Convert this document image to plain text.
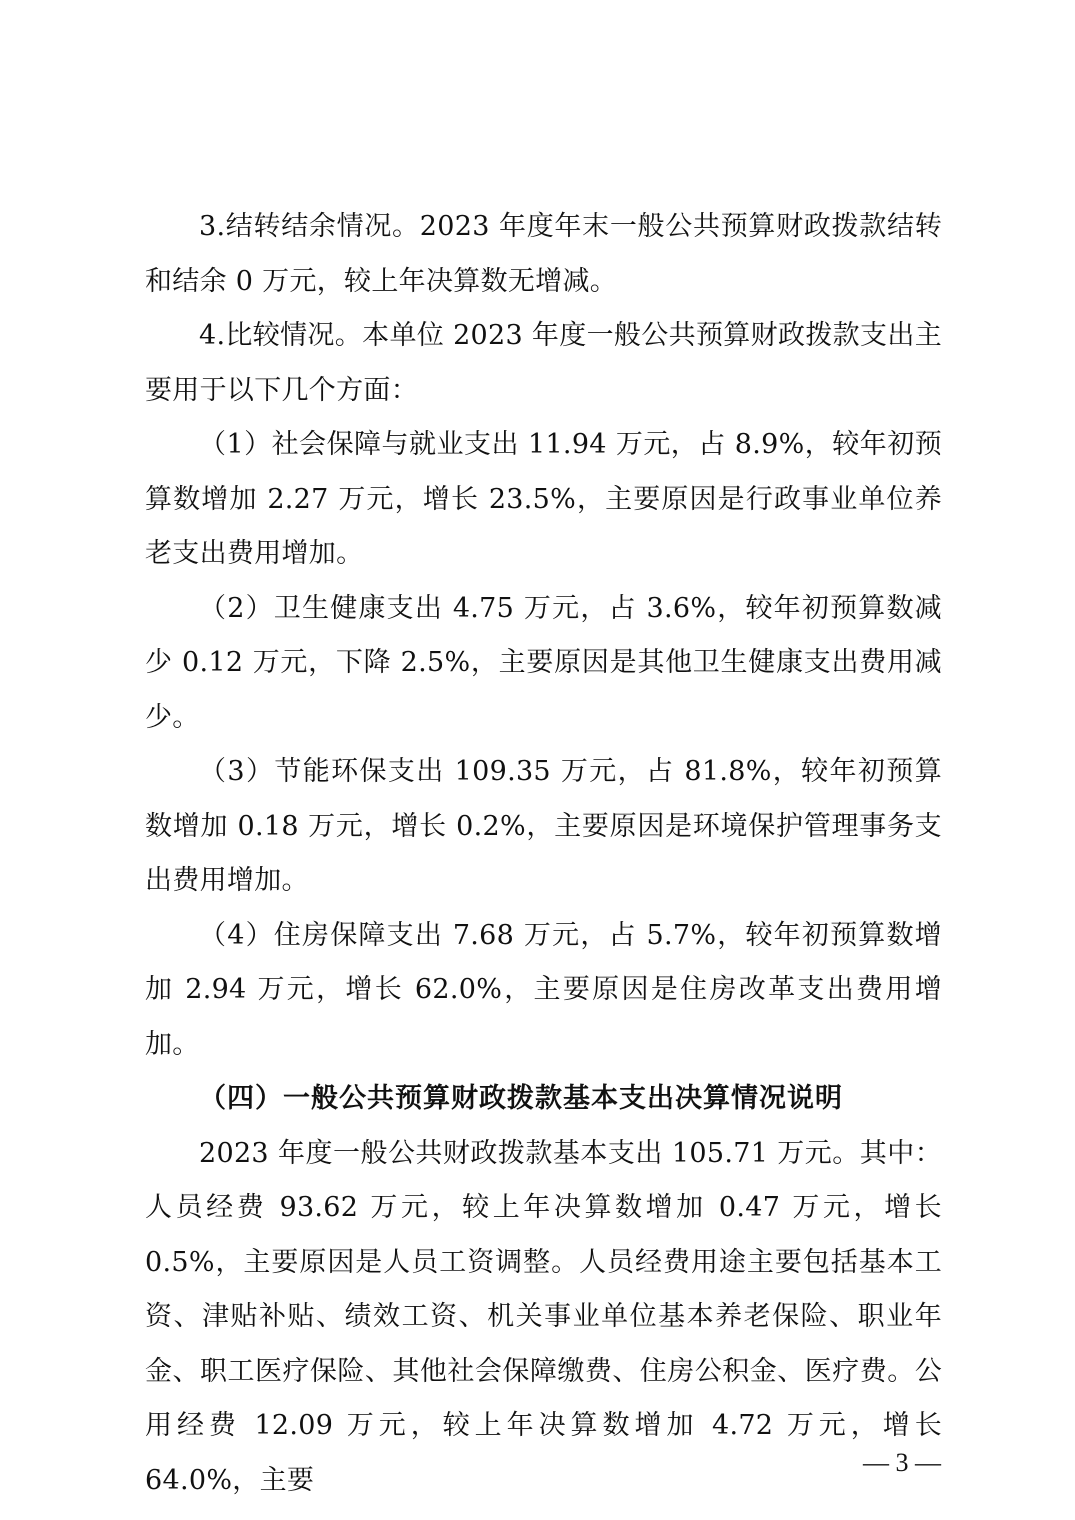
3.结转结余情况。2023 年度年末一般公共预算财政拨款结转和结余 0 万元，较上年决算数无增减。

4.比较情况。本单位 2023 年度一般公共预算财政拨款支出主要用于以下几个方面：

（1）社会保障与就业支出 11.94 万元，占 8.9%，较年初预算数增加 2.27 万元，增长 23.5%，主要原因是行政事业单位养老支出费用增加。

（2）卫生健康支出 4.75 万元，占 3.6%，较年初预算数减少 0.12 万元，下降 2.5%，主要原因是其他卫生健康支出费用减少。

（3）节能环保支出 109.35 万元，占 81.8%，较年初预算数增加 0.18 万元，增长 0.2%，主要原因是环境保护管理事务支出费用增加。

（4）住房保障支出 7.68 万元，占 5.7%，较年初预算数增加 2.94 万元，增长 62.0%，主要原因是住房改革支出费用增加。

（四）一般公共预算财政拨款基本支出决算情况说明

2023 年度一般公共财政拨款基本支出 105.71 万元。其中：人员经费 93.62 万元，较上年决算数增加 0.47 万元，增长 0.5%，主要原因是人员工资调整。人员经费用途主要包括基本工资、津贴补贴、绩效工资、机关事业单位基本养老保险、职业年金、职工医疗保险、其他社会保障缴费、住房公积金、医疗费。公用经费 12.09 万元，较上年决算数增加 4.72 万元，增长 64.0%，主要

— 3 —
